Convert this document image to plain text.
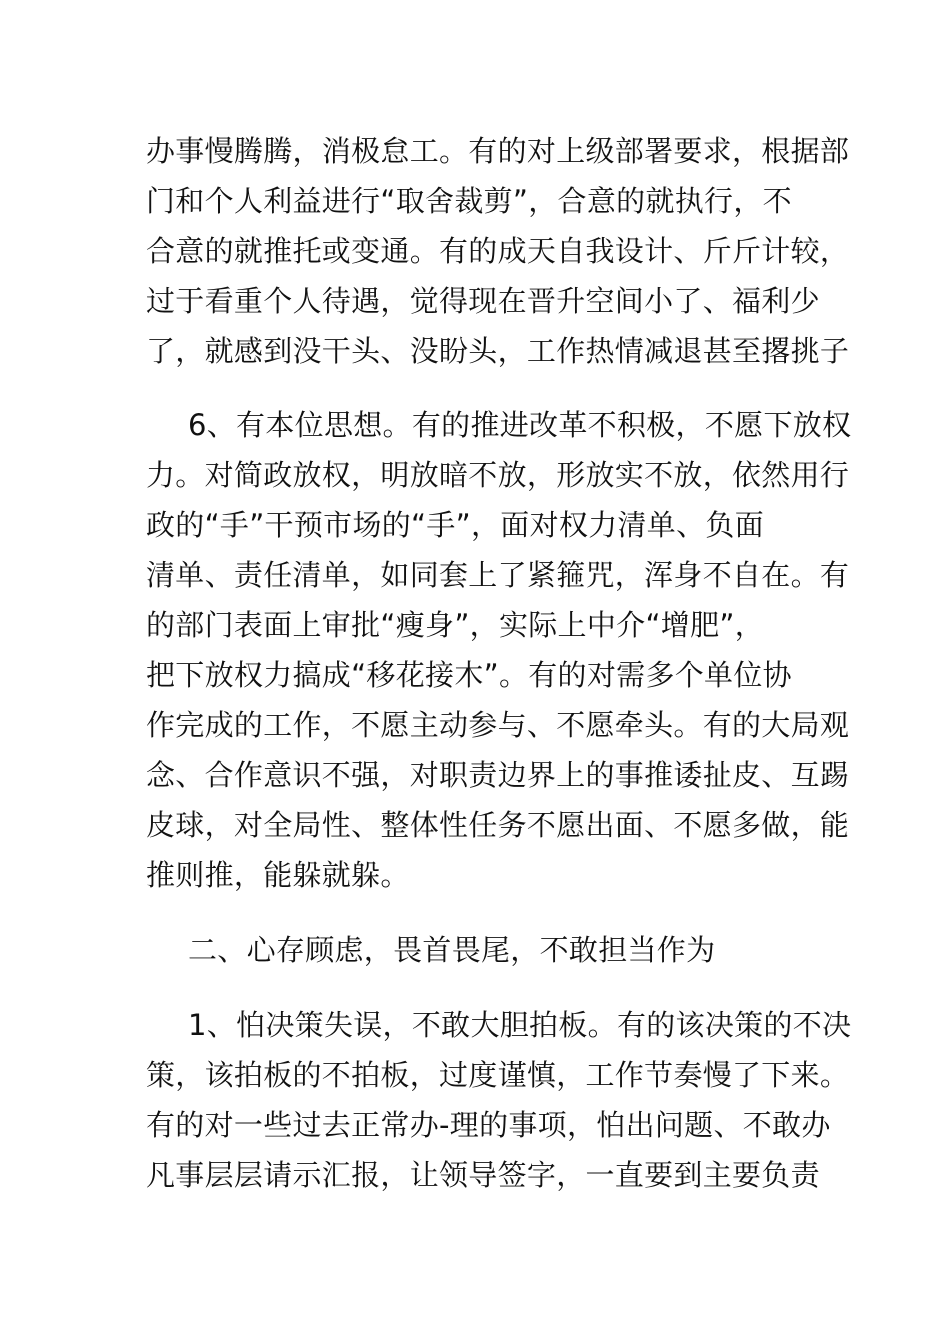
办事慢腾腾，消极怠工。有的对上级部署要求，根据部
门和个人利益进行“取舍裁剪”，合意的就执行，不
合意的就推托或变通。有的成天自我设计、斤斤计较，
过于看重个人待遇，觉得现在晋升空间小了、福利少
了，就感到没干头、没盼头，工作热情减退甚至撂挑子
6、有本位思想。有的推进改革不积极，不愿下放权
力。对简政放权，明放暗不放，形放实不放，依然用行
政的“手”干预市场的“手”，面对权力清单、负面
清单、责任清单，如同套上了紧箍咒，浑身不自在。有
的部门表面上审批“瘦身”，实际上中介“增肥”，
把下放权力搞成“移花接木”。有的对需多个单位协
作完成的工作，不愿主动参与、不愿牵头。有的大局观
念、合作意识不强，对职责边界上的事推诿扯皮、互踢
皮球，对全局性、整体性任务不愿出面、不愿多做，能
推则推，能躲就躲。
二、心存顾虑，畏首畏尾，不敢担当作为
1、怕决策失误，不敢大胆拍板。有的该决策的不决
策，该拍板的不拍板，过度谨慎，工作节奏慢了下来。
有的对一些过去正常办-理的事项，怕出问题、不敢办
凡事层层请示汇报，让领导签字，一直要到主要负责
